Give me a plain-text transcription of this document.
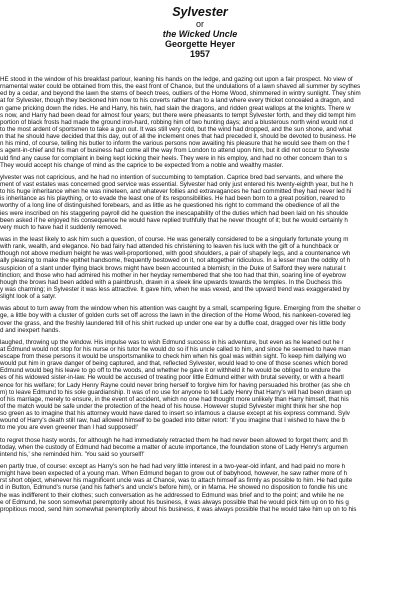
Sylvester
or
the Wicked Uncle
Georgette Heyer
1957
HE stood in the window of his breakfast parlour, leaning his hands on the ledge, and gazing out upon a fair prospect. No view of
rnamental water could be obtained from this, the east front of Chance, but the undulations of a lawn shaved all summer by scythes
ed by a cedar, and beyond the lawn the stems of beech trees, outliers of the Home Wood, shimmered in wintry sunlight. They shim
at for Sylvester, though they beckoned him now to his coverts rather than to a land where every thicket concealed a dragon, and
n game pricking down the rides. He and Harry, his twin, had slain the dragons, and ridden great wallops at the knights. There w
s now, and Harry had been dead for almost four years; but there were pheasants to tempt Sylvester forth, and they did tempt him
portion of black frosts had made the ground iron-hard, robbing him of two hunting days; and a blusterous north wind would not d
to the most ardent of sportsmen to take a gun out. It was still very cold, but the wind had dropped, and the sun shone, and what
n that he should have decided that this day, out of all the inclement ones that had preceded it, should be devoted to business. He
n his mind, of course, telling his butler to inform the various persons now awaiting his pleasure that he would see them on the f
s agent-in-chief and his man of business had come all the way from London to attend upon him, but it did not occur to Sylveste
uld find any cause for complaint in being kept kicking their heels. They were in his employ, and had no other concern than to s
They would accept his change of mind as the caprice to be expected from a noble and wealthy master.
ylvester was not capricious, and he had no intention of succumbing to temptation. Caprice bred bad servants, and where the
ment of vast estates was concerned good service was essential. Sylvester had only just entered his twenty-eighth year, but he h
to his huge inheritance when he was nineteen, and whatever follies and extravagances he had committed they had never led hi
is inheritance as his plaything, or to evade the least one of its responsibilities. He had been born to a great position, reared to
worthy of a long line of distinguished forebears, and as little as he questioned his right to command the obedience of all the
ies were inscribed on his staggering payroll did he question the inescapability of the duties which had been laid on his shoulde
been asked if he enjoyed his consequence he would have replied truthfully that he never thought of it; but he would certainly h
very much to have had it suddenly removed.
was in the least likely to ask him such a question, of course. He was generally considered to be a singularly fortunate young m
with rank, wealth, and elegance. No bad fairy had attended his christening to leaven his luck with the gift of a hunchback or
though not above medium height he was well-proportioned, with good shoulders, a pair of shapely legs, and a countenance wh
ally pleasing to make the epithet handsome, frequently bestowed on it, not altogether ridiculous. In a lesser man the oddity of h
suspicion of a slant under flying black brows might have been accounted a blemish; in the Duke of Salford they were natural t
tinction; and those who had admired his mother in her heyday remembered that she too had that thin, soaring line of eyebrow
hough the brows had been added with a paintbrush, drawn in a sleek line upwards towards the temples. In the Duchess this
y was charming; in Sylvester it was less attractive. It gave him, when he was vexed, and the upward trend was exaggerated by
slight look of a satyr.
was about to turn away from the window when his attention was caught by a small, scampering figure. Emerging from the shelter o
ge, a little boy with a cluster of golden curls set off across the lawn in the direction of the Home Wood, his nankeen-covered leg
over the grass, and the freshly laundered frill of his shirt rucked up under one ear by a duffle coat, dragged over his little body
d and inexpert hands.
laughed, throwing up the window. His impulse was to wish Edmund success in his adventure, but even as he leaned out he r
at Edmund would not stop for his nurse or his tutor he would do so if his uncle called to him, and since he seemed to have man
escape from these persons it would be unsportsmanlike to check him when his goal was within sight. To keep him dallying wo
would put him in grave danger of being captured, and that, reflected Sylvester, would lead to one of those scenes which bored
Edmund would beg his leave to go off to the woods, and whether he gave it or withheld it he would be obliged to endure the
es of his widowed sister-in-law. He would be accused of treating poor little Edmund either with brutal severity, or with a heartl
ence for his welfare; for Lady Henry Rayne could never bring herself to forgive him for having persuaded his brother (as she ch
m) to leave Edmund to his sole guardianship. It was of no use for anyone to tell Lady Henry that Harry's will had been drawn up
of his marriage, merely to ensure, in the event of accident, which no one had thought more unlikely than Harry himself, that his
of the match would be safe under the protection of the head of his house. However stupid Sylvester might think her she hop
so green as to imagine that his attorney would have dared to insert so infamous a clause except at his express command. Sylv
wound of Harry's death still raw, had allowed himself to be goaded into bitter retort: 'If you imagine that I wished to have the b
to me you are even greener than I had supposed!'
to regret those hasty words, for although he had immediately retracted them he had never been allowed to forget them; and th
today, when the custody of Edmund had become a matter of acute importance, the foundation stone of Lady Henry's argumen
intend his,' she reminded him. 'You said so yourself!'
en partly true, of course: except as Harry's son he had had very little interest in a two-year-old infant, and had paid no more h
might have been expected of a young man. When Edmund began to grow out of babyhood, however, he saw rather more of h
rst short object, whenever his magnificent uncle was at Chance, was to attach himself as firmly as possible to him. He had quite
d in Button, Edmund's nurse (and his father's and uncle's before him), or in Mama. He showed no disposition to fondle his unc
he was indifferent to their clothes; such conversation as he addressed to Edmund was brief and to the point; and while he ne
e of Edmund, he soon somewhat peremptorily about his business, it was always possible that he would pick him up on to his g
propitious mood, send him somewhat peremptorily about his business, it was always possible that he would take him up on to his
